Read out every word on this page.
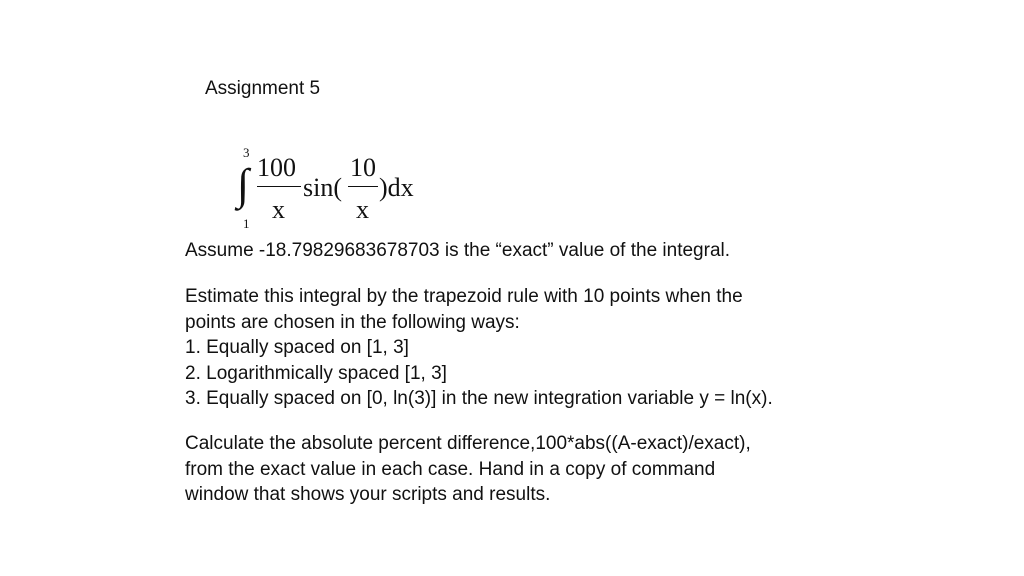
Assignment 5
3
∫
1
100
x
sin(
10
x
)dx
Assume -18.79829683678703 is the “exact” value of the integral.
Estimate this integral by the trapezoid rule with 10 points when the
points are chosen in the following ways:
1. Equally spaced on [1, 3]
2. Logarithmically spaced [1, 3]
3. Equally spaced on [0, ln(3)] in the new integration variable y = ln(x).
Calculate the absolute percent difference,100*abs((A-exact)/exact),
from the exact value in each case. Hand in a copy of command
window that shows your scripts and results.
